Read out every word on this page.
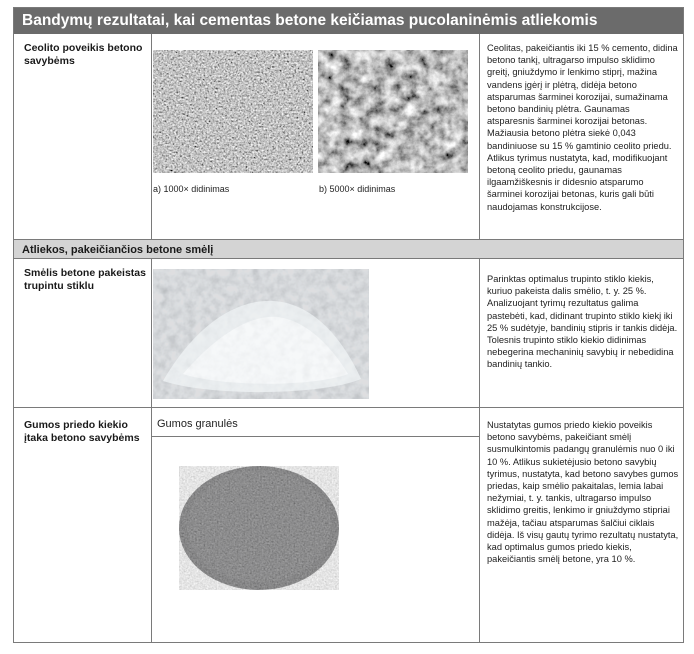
Bandymų rezultatai, kai cementas betone keičiamas pucolaninėmis atliekomis
Ceolito poveikis betono savybėms
a) 1000× didinimas	b) 5000× didinimas
Ceolitas, pakeičiantis iki 15 % cemento, didina betono tankį, ultragarso impulso sklidimo greitį, gniuždymo ir lenkimo stiprį, mažina vandens įgėrį ir plėtrą, didėja betono atsparumas šarminei korozijai, sumažinama betono bandinių plėtra. Gaunamas atsparesnis šarminei korozijai betonas. Mažiausia betono plėtra siekė 0,043 bandiniuose su 15 % gamtinio ceolito priedu. Atlikus tyrimus nustatyta, kad, modifikuojant betoną ceolito priedu, gaunamas ilgaamžiškesnis ir didesnio atsparumo šarminei korozijai betonas, kuris gali būti naudojamas konstrukcijose.
Atliekos, pakeičiančios betone smėlį
Smėlis betone pakeistas trupintu stiklu
Parinktas optimalus trupinto stiklo kiekis, kuriuo pakeista dalis smėlio, t. y. 25 %. Analizuojant tyrimų rezultatus galima pastebėti, kad, didinant trupinto stiklo kiekį iki 25 % sudėtyje, bandinių stipris ir tankis didėja. Tolesnis trupinto stiklo kiekio didinimas nebegerina mechaninių savybių ir nebedidina bandinių tankio.
Gumos priedo kiekio įtaka betono savybėms
Gumos granulės	Nustatytas gumos priedo kiekio poveikis betono savybėms, pakeičiant smėlį susmulkintomis padangų granulėmis nuo 0 iki 10 %. Atlikus sukietėjusio betono savybių tyrimus, nustatyta, kad betono savybes gumos priedas, kaip smėlio pakaitalas, lemia labai nežymiai, t. y. tankis, ultragarso impulso sklidimo greitis, lenkimo ir gniuždymo stipriai mažėja, tačiau atsparumas šalčiui ciklais didėja. Iš visų gautų tyrimo rezultatų nustatyta, kad optimalus gumos priedo kiekis, pakeičiantis smėlį betone, yra 10 %.
